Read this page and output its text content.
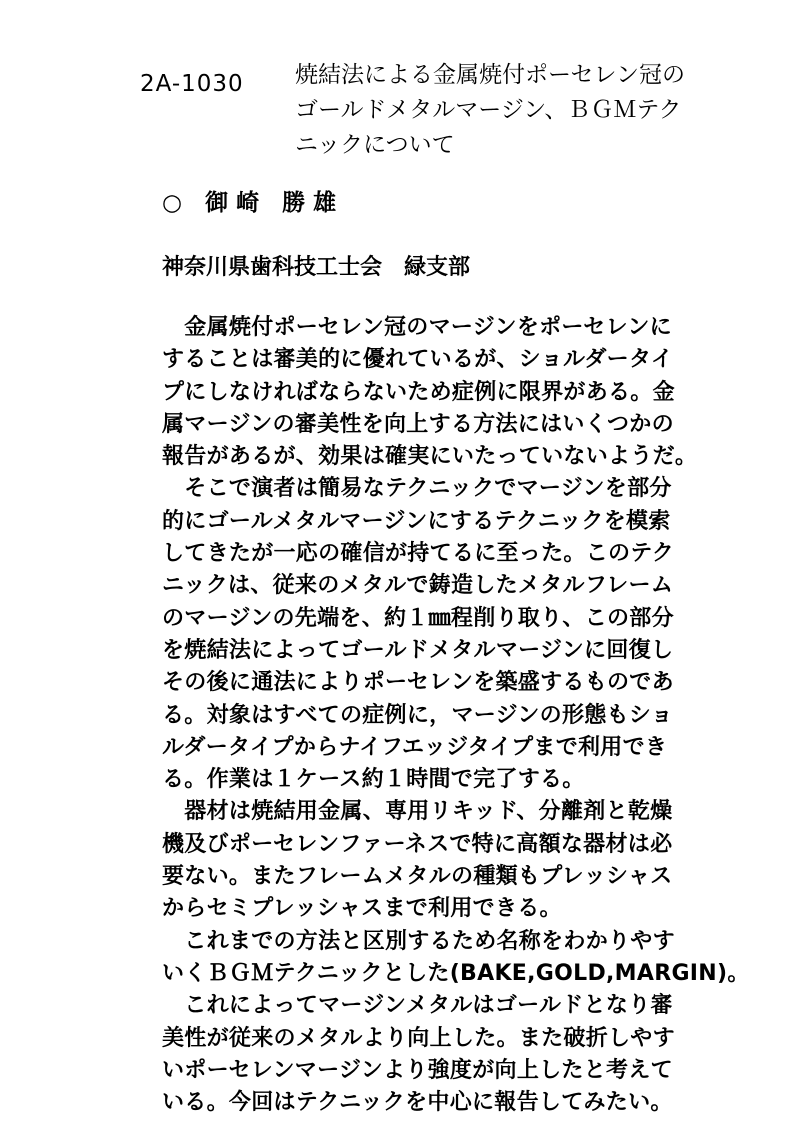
2A-1030 焼結法による金属焼付ポーセレン冠の
ゴールドメタルマージン、ＢＧＭテク
ニックについて
○　御 崎　勝 雄
神奈川県歯科技工士会　緑支部
　金属焼付ポーセレン冠のマージンをポーセレンに
することは審美的に優れているが、ショルダータイ
プにしなければならないため症例に限界がある。金
属マージンの審美性を向上する方法にはいくつかの
報告があるが、効果は確実にいたっていないようだ。
　そこで演者は簡易なテクニックでマージンを部分
的にゴールメタルマージンにするテクニックを模索
してきたが一応の確信が持てるに至った。このテク
ニックは、従来のメタルで鋳造したメタルフレーム
のマージンの先端を、約１㎜程削り取り、この部分
を焼結法によってゴールドメタルマージンに回復し
その後に通法によりポーセレンを築盛するものであ
る。対象はすべての症例に，マージンの形態もショ
ルダータイプからナイフエッジタイプまで利用でき
る。作業は１ケース約１時間で完了する。
　器材は焼結用金属、専用リキッド、分離剤と乾燥
機及びポーセレンファーネスで特に高額な器材は必
要ない。またフレームメタルの種類もプレッシャス
からセミプレッシャスまで利用できる。
　これまでの方法と区別するため名称をわかりやす
いくＢＧＭテクニックとした(BAKE,GOLD,MARGIN)。
　これによってマージンメタルはゴールドとなり審
美性が従来のメタルより向上した。また破折しやす
いポーセレンマージンより強度が向上したと考えて
いる。今回はテクニックを中心に報告してみたい。
